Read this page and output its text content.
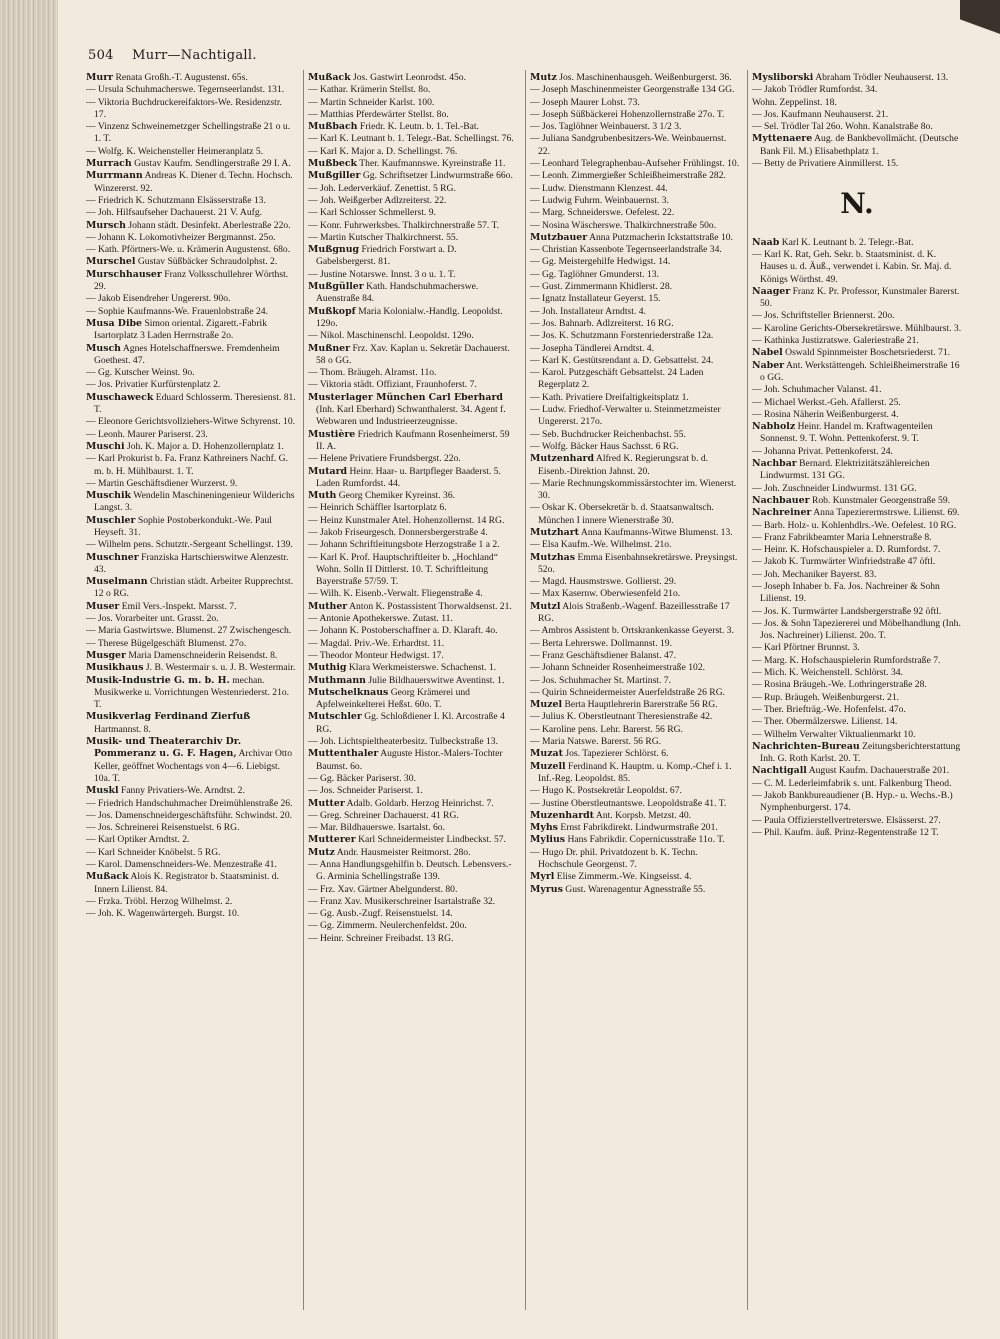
504 Murr—Nachtigall.

Murr Renata Großh.-T. Augustenst. 65s.

— Ursula Schuhmacherswe. Tegernseerlandst. 131.

— Viktoria Buchdruckereifaktors-We. Residenzstr. 17.

— Vinzenz Schweinemetzger Schellingstraße 21 o u. 1. T.

— Wolfg. K. Weichensteller Heimeranplatz 5.

Murrach Gustav Kaufm. Sendlingerstraße 29 I. A.

Murrmann Andreas K. Diener d. Techn. Hochsch. Winzererst. 92.

— Friedrich K. Schutzmann Elsässerstraße 13.

— Joh. Hilfsaufseher Dachauerst. 21 V. Aufg.

Mursch Johann städt. Desinfekt. Aberlestraße 22o.

— Johann K. Lokomotivheizer Bergmannst. 25o.

— Kath. Pförtners-We. u. Krämerin Augustenst. 68o.

Murschel Gustav Süßbäcker Schraudolphst. 2.

Murschhauser Franz Volksschullehrer Wörthst. 29.

— Jakob Eisendreher Ungererst. 90o.

— Sophie Kaufmanns-We. Frauenlobstraße 24.

Musa Dibe Simon oriental. Zigarett.-Fabrik Isartorplatz 3 Laden Herrnstraße 2o.

Musch Agnes Hotelschaffnerswe. Fremdenheim Goethest. 47.

— Gg. Kutscher Weinst. 9o.

— Jos. Privatier Kurfürstenplatz 2.

Muschaweck Eduard Schlosserm. Theresienst. 81. T.

— Eleonore Gerichtsvollziehers-Witwe Schyrenst. 10.

— Leonh. Maurer Pariserst. 23.

Muschi Joh. K. Major a. D. Hohenzollernplatz 1.

— Karl Prokurist b. Fa. Franz Kathreiners Nachf. G. m. b. H. Mühlbaurst. 1. T.

— Martin Geschäftsdiener Wurzerst. 9.

Muschik Wendelin Maschineningenieur Wilderichs Langst. 3.

Muschler Sophie Postoberkondukt.-We. Paul Heyseft. 31.

— Wilhelm pens. Schutztr.-Sergeant Schellingst. 139.

Muschner Franziska Hartschierswitwe Alenzestr. 43.

Muselmann Christian städt. Arbeiter Rupprechtst. 12 o RG.

Muser Emil Vers.-Inspekt. Marsst. 7.

— Jos. Vorarbeiter unt. Grasst. 2o.

— Maria Gastwirtswe. Blumenst. 27 Zwischengesch.

— Therese Bügelgeschäft Blumenst. 27o.

Musger Maria Damenschneiderin Reisendst. 8.

Musikhaus J. B. Westermair s. u. J. B. Westermair.

Musik-Industrie G. m. b. H. mechan. Musikwerke u. Vorrichtungen Westenriederst. 21o. T.

Musikverlag Ferdinand Zierfuß Hartmannst. 8.

Musik- und Theaterarchiv Dr. Pommeranz u. G. F. Hagen, Archivar Otto Keller, geöffnet Wochentags von 4—6. Liebigst. 10a. T.

Muskl Fanny Privatiers-We. Arndtst. 2.

— Friedrich Handschuhmacher Dreimühlenstraße 26.

— Jos. Damenschneidergeschäftsführ. Schwindst. 20.

— Jos. Schreinerei Reisenstuelst. 6 RG.

— Karl Optiker Arndtst. 2.

— Karl Schneider Knöbelst. 5 RG.

— Karol. Damenschneiders-We. Menzestraße 41.

Mußack Alois K. Registrator b. Staatsminist. d. Innern Lilienst. 84.

— Frzka. Tröbl. Herzog Wilhelmst. 2.

— Joh. K. Wagenwärtergeh. Burgst. 10.

Mußack Jos. Gastwirt Leonrodst. 45o.

— Kathar. Krämerin Stellst. 8o.

— Martin Schneider Karlst. 100.

— Matthias Pferdewärter Stellst. 8o.

Mußbach Friedr. K. Leutn. b. 1. Tel.-Bat.

— Karl K. Leutnant b. 1. Telegr.-Bat. Schellingst. 76.

— Karl K. Major a. D. Schellingst. 76.

Mußbeck Ther. Kaufmannswe. Kyreinstraße 11.

Mußgiller Gg. Schriftsetzer Lindwurmstraße 66o.

— Joh. Lederverkäuf. Zenettist. 5 RG.

— Joh. Weißgerber Adlzreiterst. 22.

— Karl Schlosser Schmellerst. 9.

— Konr. Fuhrwerksbes. Thalkirchnerstraße 57. T.

— Martin Kutscher Thalkirchnerst. 55.

Mußgnug Friedrich Forstwart a. D. Gabelsbergerst. 81.

— Justine Notarswe. Innst. 3 o u. 1. T.

Mußgüller Kath. Handschuhmacherswe. Auenstraße 84.

Mußkopf Maria Kolonialw.-Handlg. Leopoldst. 129o.

— Nikol. Maschinenschl. Leopoldst. 129o.

Mußner Frz. Xav. Kaplan u. Sekretär Dachauerst. 58 o GG.

— Thom. Bräugeh. Alramst. 11o.

— Viktoria städt. Offiziant, Fraunhoferst. 7.

Musterlager München Carl Eberhard (Inh. Karl Eberhard) Schwanthalerst. 34. Agent f. Webwaren und Industrieerzeugnisse.

Mustière Friedrich Kaufmann Rosenheimerst. 59 II. A.

— Helene Privatiere Frundsbergst. 22o.

Mutard Heinr. Haar- u. Bartpfleger Baaderst. 5. Laden Rumfordst. 44.

Muth Georg Chemiker Kyreinst. 36.

— Heinrich Schäffler Isartorplatz 6.

— Heinz Kunstmaler Atel. Hohenzollernst. 14 RG.

— Jakob Friseurgesch. Donnersbergerstraße 4.

— Johann Schriftleitungsbote Herzogstraße 1 a 2.

— Karl K. Prof. Hauptschriftleiter b. „Hochland“ Wohn. Solln II Dittlerst. 10. T. Schriftleitung Bayerstraße 57/59. T.

— Wilh. K. Eisenb.-Verwalt. Fliegenstraße 4.

Muther Anton K. Postassistent Thorwaldsenst. 21.

— Antonie Apothekerswe. Zutast. 11.

— Johann K. Postoberschaffner a. D. Klaraft. 4o.

— Magdal. Priv.-We. Erhardtst. 11.

— Theodor Monteur Hedwigst. 17.

Muthig Klara Werkmeisterswe. Schachenst. 1.

Muthmann Julie Bildhauerswitwe Aventinst. 1.

Mutschelknaus Georg Krämerei und Apfelweinkelterei Heßst. 60o. T.

Mutschler Gg. Schloßdiener I. Kl. Arcostraße 4 RG.

— Joh. Lichtspieltheaterbesitz. Tulbeckstraße 13.

Muttenthaler Auguste Histor.-Malers-Tochter Baumst. 6o.

— Gg. Bäcker Pariserst. 30.

— Jos. Schneider Pariserst. 1.

Mutter Adalb. Goldarb. Herzog Heinrichst. 7.

— Greg. Schreiner Dachauerst. 41 RG.

— Mar. Bildhauerswe. Isartalst. 6o.

Mutterer Karl Schneidermeister Lindbeckst. 57.

Mutz Andr. Hausmeister Reitmorst. 28o.

— Anna Handlungsgehilfin b. Deutsch. Lebensvers.-G. Arminia Schellingstraße 139.

— Frz. Xav. Gärtner Abelgunderst. 80.

— Franz Xav. Musikerschreiner Isartalstraße 32.

— Gg. Ausb.-Zugf. Reisenstuelst. 14.

— Gg. Zimmerm. Neulerchenfeldst. 20o.

— Heinr. Schreiner Freibadst. 13 RG.

Mutz Jos. Maschinenhausgeh. Weißenburgerst. 36.

— Joseph Maschinenmeister Georgenstraße 134 GG.

— Joseph Maurer Lohst. 73.

— Joseph Süßbäckerei Hohenzollernstraße 27o. T.

— Jos. Taglöhner Weinbauerst. 3 1/2 3.

— Juliana Sandgrubenbesitzers-We. Weinbauernst. 22.

— Leonhard Telegraphenbau-Aufseher Frühlingst. 10.

— Leonh. Zimmergießer Schleißheimerstraße 282.

— Ludw. Dienstmann Klenzest. 44.

— Ludwig Fuhrm. Weinbauernst. 3.

— Marg. Schneiderswe. Oefelest. 22.

— Nosina Wäscherswe. Thalkirchnerstraße 50o.

Mutzbauer Anna Putzmacherin Ickstattstraße 10.

— Christian Kassenbote Tegernseerlandstraße 34.

— Gg. Meistergehilfe Hedwigst. 14.

— Gg. Taglöhner Gmunderst. 13.

— Gust. Zimmermann Khidlerst. 28.

— Ignatz Installateur Geyerst. 15.

— Joh. Installateur Arndtst. 4.

— Jos. Bahnarb. Adlzreiterst. 16 RG.

— Jos. K. Schutzmann Forstenriederstraße 12a.

— Josepha Tändlerei Arndtst. 4.

— Karl K. Gestütsrendant a. D. Gebsattelst. 24.

— Karol. Putzgeschäft Gebsattelst. 24 Laden Regerplatz 2.

— Kath. Privatiere Dreifaltigkeitsplatz 1.

— Ludw. Friedhof-Verwalter u. Steinmetzmeister Ungererst. 217o.

— Seb. Buchdrucker Reichenbachst. 55.

— Wolfg. Bäcker Haus Sachsst. 6 RG.

Mutzenhard Alfred K. Regierungsrat b. d. Eisenb.-Direktion Jahnst. 20.

— Marie Rechnungskommissärstochter im. Wienerst. 30.

— Oskar K. Obersekretär b. d. Staatsanwaltsch. München I innere Wienerstraße 30.

Mutzhart Anna Kaufmanns-Witwe Blumenst. 13.

— Elsa Kaufm.-We. Wilhelmst. 21o.

Mutzhas Emma Eisenbahnsekretärswe. Preysingst. 52o.

— Magd. Hausmstrswe. Gollierst. 29.

— Max Kasernw. Oberwiesenfeld 21o.

Mutzl Alois Straßenb.-Wagenf. Bazeillesstraße 17 RG.

— Ambros Assistent b. Ortskrankenkasse Geyerst. 3.

— Berta Lehrerswe. Dollmannst. 19.

— Franz Geschäftsdiener Balanst. 47.

— Johann Schneider Rosenheimerstraße 102.

— Jos. Schuhmacher St. Martinst. 7.

— Quirin Schneidermeister Auerfeldstraße 26 RG.

Muzel Berta Hauptlehrerin Barerstraße 56 RG.

— Julius K. Oberstleutnant Theresienstraße 42.

— Karoline pens. Lehr. Barerst. 56 RG.

— Maria Natswe. Barerst. 56 RG.

Muzat Jos. Tapezierer Schlörst. 6.

Muzell Ferdinand K. Hauptm. u. Komp.-Chef i. 1. Inf.-Reg. Leopoldst. 85.

— Hugo K. Postsekretär Leopoldst. 67.

— Justine Oberstleutnantswe. Leopoldstraße 41. T.

Muzenhardt Ant. Korpsb. Metzst. 40.

Myhs Ernst Fabrikdirekt. Lindwurmstraße 201.

Mylius Hans Fabrikdir. Copernicusstraße 11o. T.

— Hugo Dr. phil. Privatdozent b. K. Techn. Hochschule Georgenst. 7.

Myrl Elise Zimmerm.-We. Kingseisst. 4.

Myrus Gust. Warenagentur Agnesstraße 55.

Mysliborski Abraham Trödler Neuhauserst. 13.

— Jakob Trödler Rumfordst. 34.

Wohn. Zeppelinst. 18.

— Jos. Kaufmann Neuhauserst. 21.

— Sel. Trödler Tal 26o. Wohn. Kanalstraße 8o.

Myttenaere Aug. de Bankbevollmächt. (Deutsche Bank Fil. M.) Elisabethplatz 1.

— Betty de Privatiere Ainmillerst. 15.

N.

Naab Karl K. Leutnant b. 2. Telegr.-Bat.

— Karl K. Rat, Geh. Sekr. b. Staatsminist. d. K. Hauses u. d. Äuß., verwendet i. Kabin. Sr. Maj. d. Königs Wörthst. 49.

Naager Franz K. Pr. Professor, Kunstmaler Barerst. 50.

— Jos. Schriftsteller Briennerst. 20o.

— Karoline Gerichts-Obersekretärswe. Mühlbaurst. 3.

— Kathinka Justizratswe. Galeriestraße 21.

Nabel Oswald Spinnmeister Boschetsriederst. 71.

Naber Ant. Werkstättengeh. Schleißheimerstraße 16 o GG.

— Joh. Schuhmacher Valanst. 41.

— Michael Werkst.-Geh. Afallerst. 25.

— Rosina Näherin Weißenburgerst. 4.

Nabholz Heinr. Handel m. Kraftwagenteilen Sonnenst. 9. T. Wohn. Pettenkoferst. 9. T.

— Johanna Privat. Pettenkoferst. 24.

Nachbar Bernard. Elektrizitätszählereichen Lindwurmst. 131 GG.

— Joh. Zuschneider Lindwurmst. 131 GG.

Nachbauer Rob. Kunstmaler Georgenstraße 59.

Nachreiner Anna Tapezierermstrswe. Lilienst. 69.

— Barb. Holz- u. Kohlenhdlrs.-We. Oefelest. 10 RG.

— Franz Fabrikbeamter Maria Lehnerstraße 8.

— Heinr. K. Hofschauspieler a. D. Rumfordst. 7.

— Jakob K. Turmwärter Winfriedstraße 47 öftl.

— Joh. Mechaniker Bayerst. 83.

— Joseph Inhaber b. Fa. Jos. Nachreiner & Sohn Lilienst. 19.

— Jos. K. Turmwärter Landsbergerstraße 92 öftl.

— Jos. & Sohn Tapeziererei und Möbelhandlung (Inh. Jos. Nachreiner) Lilienst. 20o. T.

— Karl Pförtner Brunnst. 3.

— Marg. K. Hofschauspielerin Rumfordstraße 7.

— Mich. K. Weichenstell. Schlörst. 34.

— Rosina Bräugeh.-We. Lothringerstraße 28.

— Rup. Bräugeh. Weißenburgerst. 21.

— Ther. Briefträg.-We. Hofenfelst. 47o.

— Ther. Obermälzerswe. Lilienst. 14.

— Wilhelm Verwalter Viktualienmarkt 10.

Nachrichten-Bureau Zeitungsberichterstattung Inh. G. Roth Karlst. 20. T.

Nachtigall August Kaufm. Dachauerstraße 201.

— C. M. Lederleimfabrik s. unt. Falkenburg Theod.

— Jakob Bankbureaudiener (B. Hyp.- u. Wechs.-B.) Nymphenburgerst. 174.

— Paula Offizierstellvertreterswe. Elsässerst. 27.

— Phil. Kaufm. äuß. Prinz-Regentenstraße 12 T.
